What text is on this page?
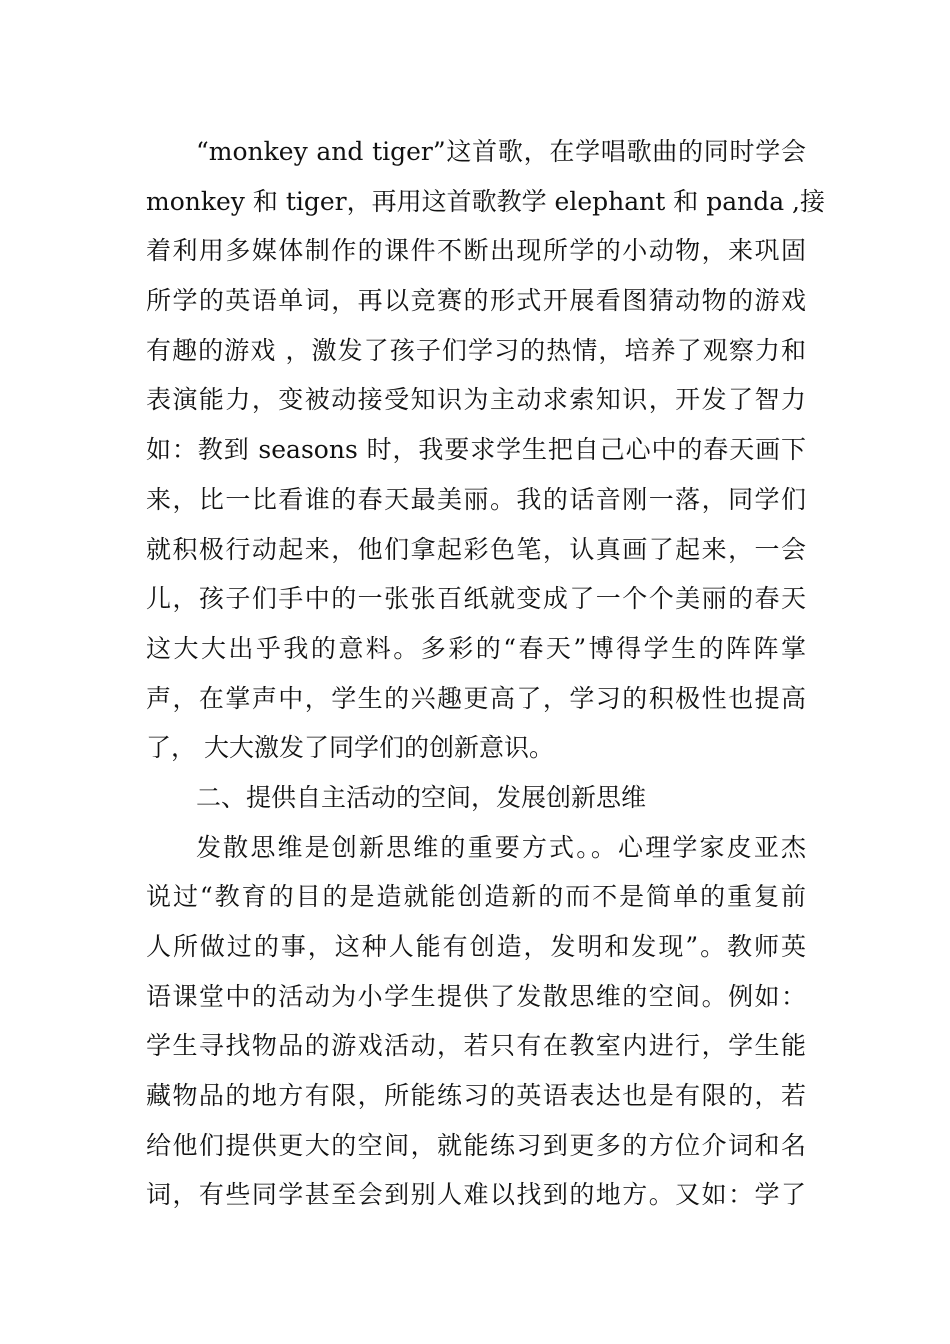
“monkey and tiger”这首歌，在学唱歌曲的同时学会
monkey 和 tiger，再用这首歌教学 elephant 和 panda ,接
着利用多媒体制作的课件不断出现所学的小动物，来巩固
所学的英语单词，再以竞赛的形式开展看图猜动物的游戏
有趣的游戏 ，激发了孩子们学习的热情，培养了观察力和
表演能力，变被动接受知识为主动求索知识，开发了智力
如：教到 seasons 时，我要求学生把自己心中的春天画下
来，比一比看谁的春天最美丽。我的话音刚一落，同学们
就积极行动起来，他们拿起彩色笔，认真画了起来，一会
儿，孩子们手中的一张张百纸就变成了一个个美丽的春天
这大大出乎我的意料。多彩的“春天”博得学生的阵阵掌
声，在掌声中，学生的兴趣更高了，学习的积极性也提高
了， 大大激发了同学们的创新意识。
二、提供自主活动的空间，发展创新思维
发散思维是创新思维的重要方式。。心理学家皮亚杰
说过“教育的目的是造就能创造新的而不是简单的重复前
人所做过的事，这种人能有创造，发明和发现”。教师英
语课堂中的活动为小学生提供了发散思维的空间。例如：
学生寻找物品的游戏活动，若只有在教室内进行，学生能
藏物品的地方有限，所能练习的英语表达也是有限的，若
给他们提供更大的空间，就能练习到更多的方位介词和名
词，有些同学甚至会到别人难以找到的地方。又如：学了
